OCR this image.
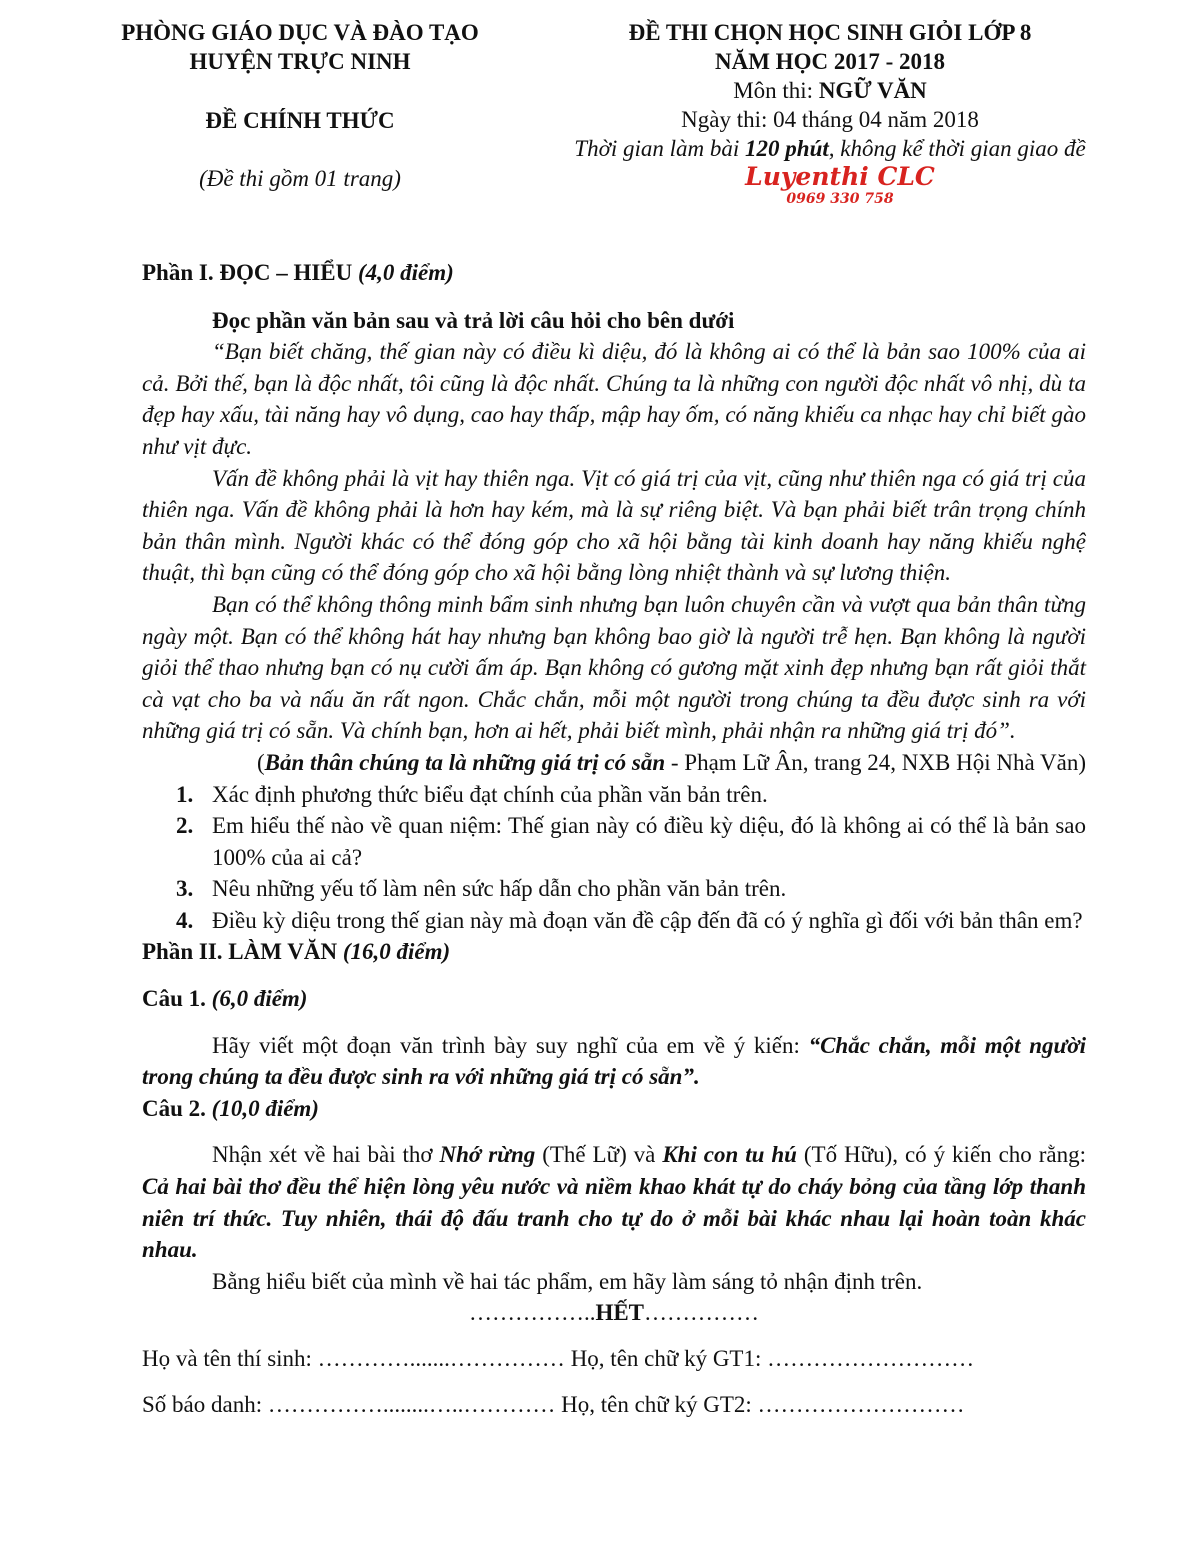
PHÒNG GIÁO DỤC VÀ ĐÀO TẠO
HUYỆN TRỰC NINH
ĐỀ CHÍNH THỨC
(Đề thi gồm 01 trang)
ĐỀ THI CHỌN HỌC SINH GIỎI LỚP 8
NĂM HỌC 2017 - 2018
Môn thi: NGỮ VĂN
Ngày thi: 04 tháng 04 năm 2018
Thời gian làm bài 120 phút, không kể thời gian giao đề
Luyenthi CLC
0969 330 758

Phần I. ĐỌC – HIỂU (4,0 điểm)

Đọc phần văn bản sau và trả lời câu hỏi cho bên dưới

“Bạn biết chăng, thế gian này có điều kì diệu, đó là không ai có thể là bản sao 100% của ai cả. Bởi thế, bạn là độc nhất, tôi cũng là độc nhất. Chúng ta là những con người độc nhất vô nhị, dù ta đẹp hay xấu, tài năng hay vô dụng, cao hay thấp, mập hay ốm, có năng khiếu ca nhạc hay chỉ biết gào như vịt đực.

Vấn đề không phải là vịt hay thiên nga. Vịt có giá trị của vịt, cũng như thiên nga có giá trị của thiên nga. Vấn đề không phải là hơn hay kém, mà là sự riêng biệt. Và bạn phải biết trân trọng chính bản thân mình. Người khác có thể đóng góp cho xã hội bằng tài kinh doanh hay năng khiếu nghệ thuật, thì bạn cũng có thể đóng góp cho xã hội bằng lòng nhiệt thành và sự lương thiện.

Bạn có thể không thông minh bẩm sinh nhưng bạn luôn chuyên cần và vượt qua bản thân từng ngày một. Bạn có thể không hát hay nhưng bạn không bao giờ là người trễ hẹn. Bạn không là người giỏi thể thao nhưng bạn có nụ cười ấm áp. Bạn không có gương mặt xinh đẹp nhưng bạn rất giỏi thắt cà vạt cho ba và nấu ăn rất ngon. Chắc chắn, mỗi một người trong chúng ta đều được sinh ra với những giá trị có sẵn. Và chính bạn, hơn ai hết, phải biết mình, phải nhận ra những giá trị đó”.

(Bản thân chúng ta là những giá trị có sẵn - Phạm Lữ Ân, trang 24, NXB Hội Nhà Văn)

1. Xác định phương thức biểu đạt chính của phần văn bản trên.
2. Em hiểu thế nào về quan niệm: Thế gian này có điều kỳ diệu, đó là không ai có thể là bản sao 100% của ai cả?
3. Nêu những yếu tố làm nên sức hấp dẫn cho phần văn bản trên.
4. Điều kỳ diệu trong thế gian này mà đoạn văn đề cập đến đã có ý nghĩa gì đối với bản thân em?

Phần II. LÀM VĂN (16,0 điểm)

Câu 1. (6,0 điểm)

Hãy viết một đoạn văn trình bày suy nghĩ của em về ý kiến: “Chắc chắn, mỗi một người trong chúng ta đều được sinh ra với những giá trị có sẵn”.

Câu 2. (10,0 điểm)

Nhận xét về hai bài thơ Nhớ rừng (Thế Lữ) và Khi con tu hú (Tố Hữu), có ý kiến cho rằng: Cả hai bài thơ đều thể hiện lòng yêu nước và niềm khao khát tự do cháy bỏng của tầng lớp thanh niên trí thức. Tuy nhiên, thái độ đấu tranh cho tự do ở mỗi bài khác nhau lại hoàn toàn khác nhau.

Bằng hiểu biết của mình về hai tác phẩm, em hãy làm sáng tỏ nhận định trên.

……………..HẾT……………

Họ và tên thí sinh: ………….......…………… Họ, tên chữ ký GT1: ………………………

Số báo danh: ……………........…..………… Họ, tên chữ ký GT2: ………………………
